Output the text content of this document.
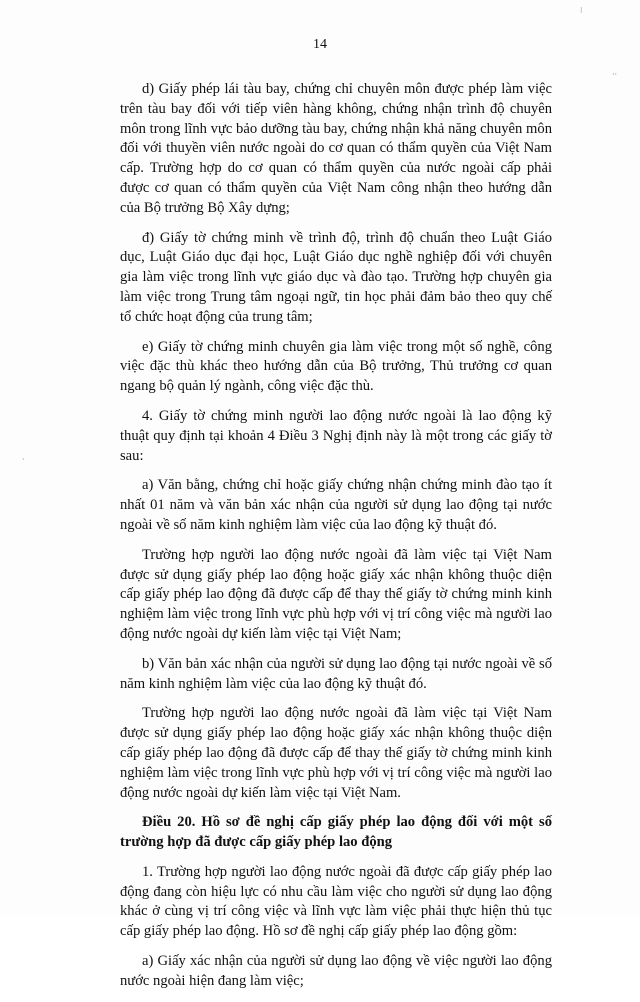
⁝
··
·
14

d) Giấy phép lái tàu bay, chứng chỉ chuyên môn được phép làm việc trên tàu bay đối với tiếp viên hàng không, chứng nhận trình độ chuyên môn trong lĩnh vực bảo dưỡng tàu bay, chứng nhận khả năng chuyên môn đối với thuyền viên nước ngoài do cơ quan có thẩm quyền của Việt Nam cấp. Trường hợp do cơ quan có thẩm quyền của nước ngoài cấp phải được cơ quan có thẩm quyền của Việt Nam công nhận theo hướng dẫn của Bộ trưởng Bộ Xây dựng;

đ) Giấy tờ chứng minh về trình độ, trình độ chuẩn theo Luật Giáo dục, Luật Giáo dục đại học, Luật Giáo dục nghề nghiệp đối với chuyên gia làm việc trong lĩnh vực giáo dục và đào tạo. Trường hợp chuyên gia làm việc trong Trung tâm ngoại ngữ, tin học phải đảm bảo theo quy chế tổ chức hoạt động của trung tâm;

e) Giấy tờ chứng minh chuyên gia làm việc trong một số nghề, công việc đặc thù khác theo hướng dẫn của Bộ trưởng, Thủ trưởng cơ quan ngang bộ quản lý ngành, công việc đặc thù.

4. Giấy tờ chứng minh người lao động nước ngoài là lao động kỹ thuật quy định tại khoản 4 Điều 3 Nghị định này là một trong các giấy tờ sau:

a) Văn bằng, chứng chỉ hoặc giấy chứng nhận chứng minh đào tạo ít nhất 01 năm và văn bản xác nhận của người sử dụng lao động tại nước ngoài về số năm kinh nghiệm làm việc của lao động kỹ thuật đó.

Trường hợp người lao động nước ngoài đã làm việc tại Việt Nam được sử dụng giấy phép lao động hoặc giấy xác nhận không thuộc diện cấp giấy phép lao động đã được cấp để thay thế giấy tờ chứng minh kinh nghiệm làm việc trong lĩnh vực phù hợp với vị trí công việc mà người lao động nước ngoài dự kiến làm việc tại Việt Nam;

b) Văn bản xác nhận của người sử dụng lao động tại nước ngoài về số năm kinh nghiệm làm việc của lao động kỹ thuật đó.

Trường hợp người lao động nước ngoài đã làm việc tại Việt Nam được sử dụng giấy phép lao động hoặc giấy xác nhận không thuộc diện cấp giấy phép lao động đã được cấp để thay thế giấy tờ chứng minh kinh nghiệm làm việc trong lĩnh vực phù hợp với vị trí công việc mà người lao động nước ngoài dự kiến làm việc tại Việt Nam.

Điều 20. Hồ sơ đề nghị cấp giấy phép lao động đối với một số trường hợp đã được cấp giấy phép lao động

1. Trường hợp người lao động nước ngoài đã được cấp giấy phép lao động đang còn hiệu lực có nhu cầu làm việc cho người sử dụng lao động khác ở cùng vị trí công việc và lĩnh vực làm việc phải thực hiện thủ tục cấp giấy phép lao động. Hồ sơ đề nghị cấp giấy phép lao động gồm:

a) Giấy xác nhận của người sử dụng lao động về việc người lao động nước ngoài hiện đang làm việc;
